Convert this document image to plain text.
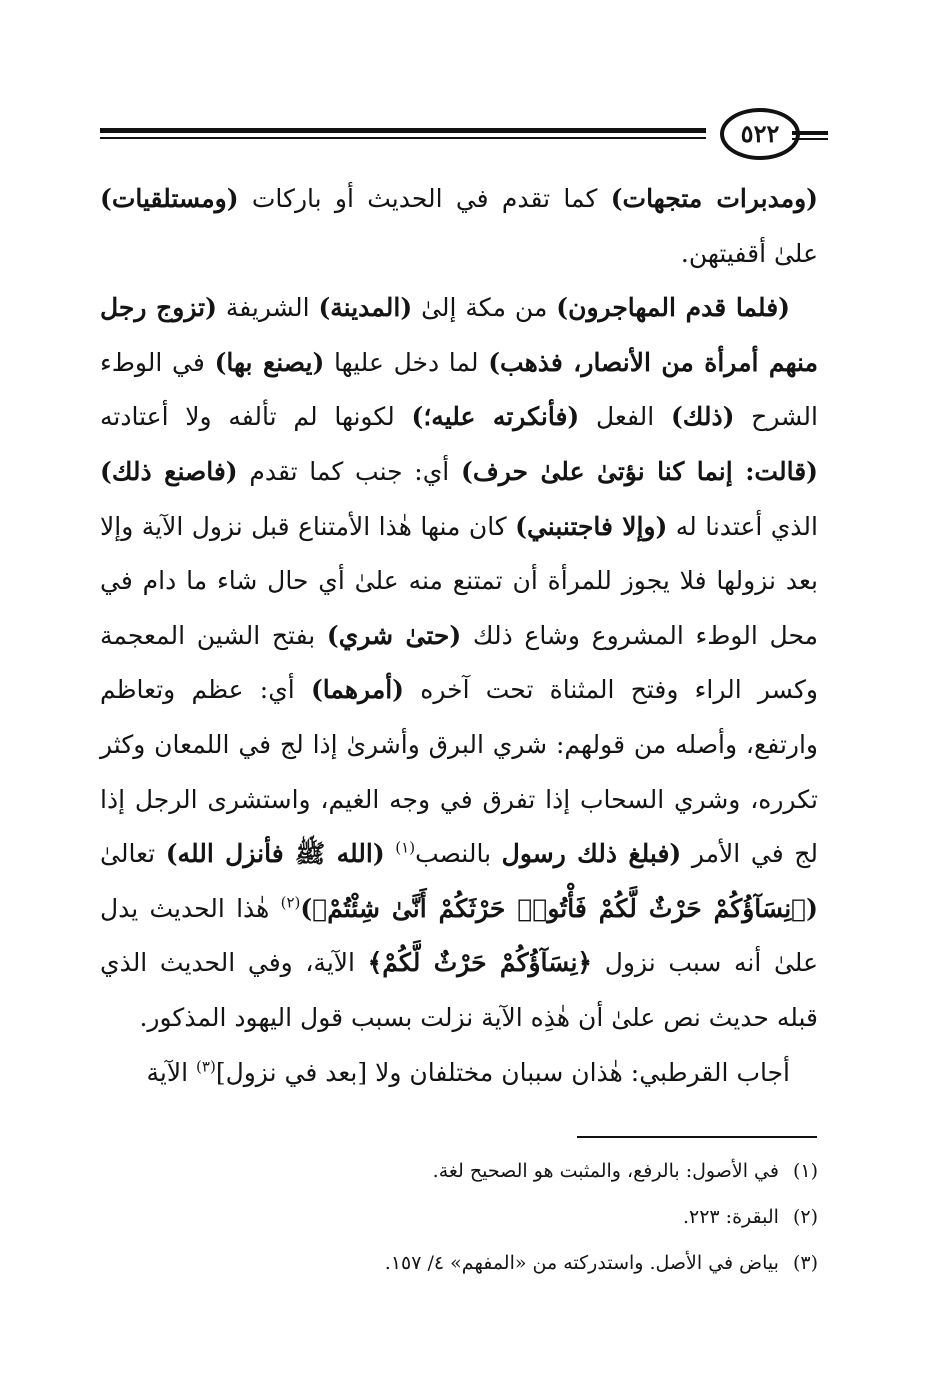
٥٢٢

(ومدبرات متجهات) كما تقدم في الحديث أو باركات (ومستلقيات) علىٰ أقفيتهن.

(فلما قدم المهاجرون) من مكة إلىٰ (المدينة) الشريفة (تزوج رجل منهم أمرأة من الأنصار، فذهب) لما دخل عليها (يصنع بها) في الوطء الشرح (ذلك) الفعل (فأنكرته عليه؛) لكونها لم تألفه ولا أعتادته (قالت: إنما كنا نؤتىٰ علىٰ حرف) أي: جنب كما تقدم (فاصنع ذلك) الذي أعتدنا له (وإلا فاجتنبني) كان منها هٰذا الأمتناع قبل نزول الآية وإلا بعد نزولها فلا يجوز للمرأة أن تمتنع منه علىٰ أي حال شاء ما دام في محل الوطء المشروع وشاع ذلك (حتىٰ شري) بفتح الشين المعجمة وكسر الراء وفتح المثناة تحت آخره (أمرهما) أي: عظم وتعاظم وارتفع، وأصله من قولهم: شري البرق وأشرىٰ إذا لج في اللمعان وكثر تكرره، وشري السحاب إذا تفرق في وجه الغيم، واستشرى الرجل إذا لج في الأمر (فبلغ ذلك رسول بالنصب$^{(١)}$ (الله ﷺ فأنزل الله) تعالىٰ (﴿نِسَآؤُكُمْ حَرْثٌ لَّكُمْ فَأْتُوا۟ حَرْثَكُمْ أَنَّىٰ شِئْتُمْ﴾)$^{(٢)}$ هٰذا الحديث يدل علىٰ أنه سبب نزول ﴿نِسَآؤُكُمْ حَرْثٌ لَّكُمْ﴾ الآية، وفي الحديث الذي قبله حديث نص علىٰ أن هٰذِه الآية نزلت بسبب قول اليهود المذكور.

أجاب القرطبي: هٰذان سببان مختلفان ولا [بعد في نزول]$^{(٣)}$ الآية

(١)في الأصول: بالرفع، والمثبت هو الصحيح لغة.
(٢)البقرة: ٢٢٣.
(٣)بياض في الأصل. واستدركته من «المفهم» ٤/ ١٥٧.
